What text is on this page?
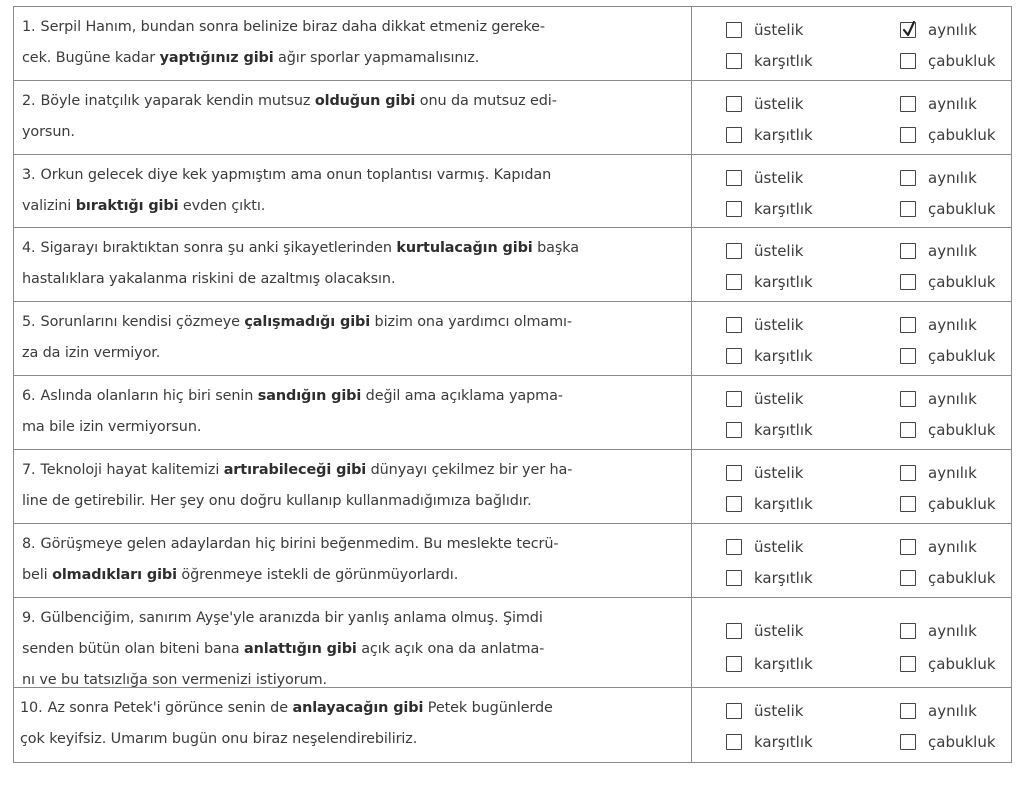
1. Serpil Hanım, bundan sonra belinize biraz daha dikkat etmeniz gereke-
cek. Bugüne kadar yaptığınız gibi ağır sporlar yapmamalısınız.
üstelik	aynılık
karşıtlık	çabukluk
2. Böyle inatçılık yaparak kendin mutsuz olduğun gibi onu da mutsuz edi-
yorsun.
üstelik	aynılık
karşıtlık	çabukluk
3. Orkun gelecek diye kek yapmıştım ama onun toplantısı varmış. Kapıdan
valizini bıraktığı gibi evden çıktı.
üstelik	aynılık
karşıtlık	çabukluk
4. Sigarayı bıraktıktan sonra şu anki şikayetlerinden kurtulacağın gibi başka
hastalıklara yakalanma riskini de azaltmış olacaksın.
üstelik	aynılık
karşıtlık	çabukluk
5. Sorunlarını kendisi çözmeye çalışmadığı gibi bizim ona yardımcı olmamı-
za da izin vermiyor.
üstelik	aynılık
karşıtlık	çabukluk
6. Aslında olanların hiç biri senin sandığın gibi değil ama açıklama yapma-
ma bile izin vermiyorsun.
üstelik	aynılık
karşıtlık	çabukluk
7. Teknoloji hayat kalitemizi artırabileceği gibi dünyayı çekilmez bir yer ha-
line de getirebilir. Her şey onu doğru kullanıp kullanmadığımıza bağlıdır.
üstelik	aynılık
karşıtlık	çabukluk
8. Görüşmeye gelen adaylardan hiç birini beğenmedim. Bu meslekte tecrü-
beli olmadıkları gibi öğrenmeye istekli de görünmüyorlardı.
üstelik	aynılık
karşıtlık	çabukluk
9. Gülbenciğim, sanırım Ayşe'yle aranızda bir yanlış anlama olmuş. Şimdi
senden bütün olan biteni bana anlattığın gibi açık açık ona da anlatma-
nı ve bu tatsızlığa son vermenizi istiyorum.
üstelik	aynılık
karşıtlık	çabukluk
10. Az sonra Petek'i görünce senin de anlayacağın gibi Petek bugünlerde
çok keyifsiz. Umarım bugün onu biraz neşelendirebiliriz.
üstelik	aynılık
karşıtlık	çabukluk
